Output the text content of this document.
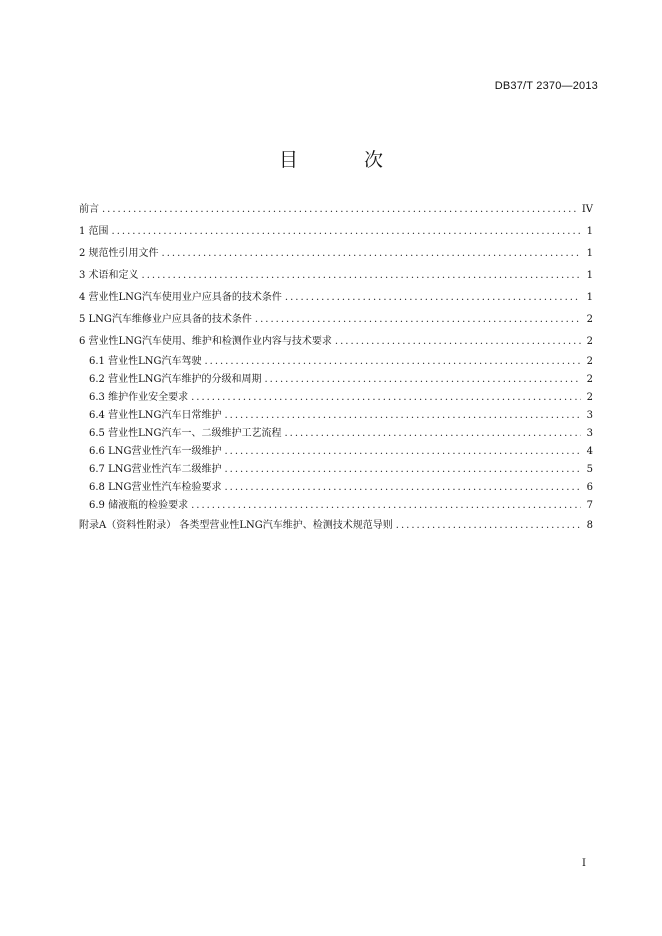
DB37/T 2370—2013
目 次
前言 .....	IV
1 范围 .....	1
2 规范性引用文件 .....	1
3 术语和定义 .....	1
4 营业性LNG汽车使用业户应具备的技术条件 .....	1
5 LNG汽车维修业户应具备的技术条件 .....	2
6 营业性LNG汽车使用、维护和检测作业内容与技术要求 .....	2
6.1 营业性LNG汽车驾驶 .....	2
6.2 营业性LNG汽车维护的分级和周期 .....	2
6.3 维护作业安全要求 .....	2
6.4 营业性LNG汽车日常维护 .....	3
6.5 营业性LNG汽车一、二级维护工艺流程 .....	3
6.6 LNG营业性汽车一级维护 .....	4
6.7 LNG营业性汽车二级维护 .....	5
6.8 LNG营业性汽车检验要求 .....	6
6.9 储液瓶的检验要求 .....	7
附录A（资料性附录） 各类型营业性LNG汽车维护、检测技术规范导则 .....	8
I
